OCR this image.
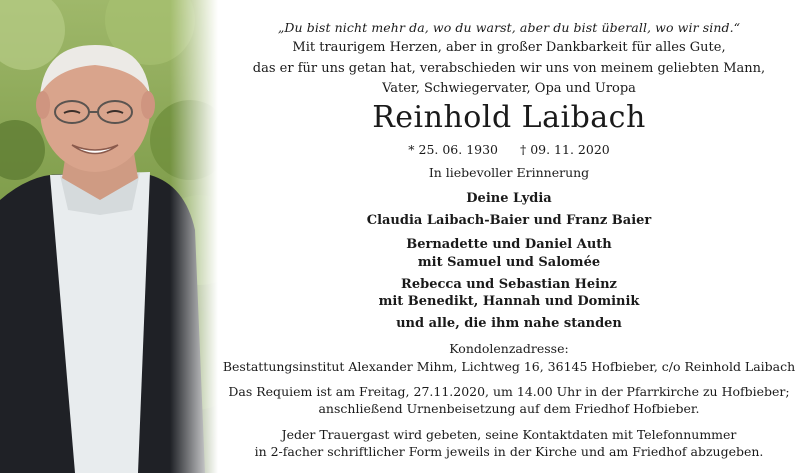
„Du bist nicht mehr da, wo du warst, aber du bist überall, wo wir sind.“
Mit traurigem Herzen, aber in großer Dankbarkeit für alles Gute,
das er für uns getan hat, verabschieden wir uns von meinem geliebten Mann,
Vater, Schwiegervater, Opa und Uropa
Reinhold Laibach
* 25. 06. 1930 † 09. 11. 2020
In liebevoller Erinnerung
Deine Lydia
Claudia Laibach-Baier und Franz Baier
Bernadette und Daniel Auth
mit Samuel und Salomée
Rebecca und Sebastian Heinz
mit Benedikt, Hannah und Dominik
und alle, die ihm nahe standen
Kondolenzadresse:
Bestattungsinstitut Alexander Mihm, Lichtweg 16, 36145 Hofbieber, c/o Reinhold Laibach
Das Requiem ist am Freitag, 27.11.2020, um 14.00 Uhr in der Pfarrkirche zu Hofbieber;
anschließend Urnenbeisetzung auf dem Friedhof Hofbieber.
Jeder Trauergast wird gebeten, seine Kontaktdaten mit Telefonnummer
in 2-facher schriftlicher Form jeweils in der Kirche und am Friedhof abzugeben.
